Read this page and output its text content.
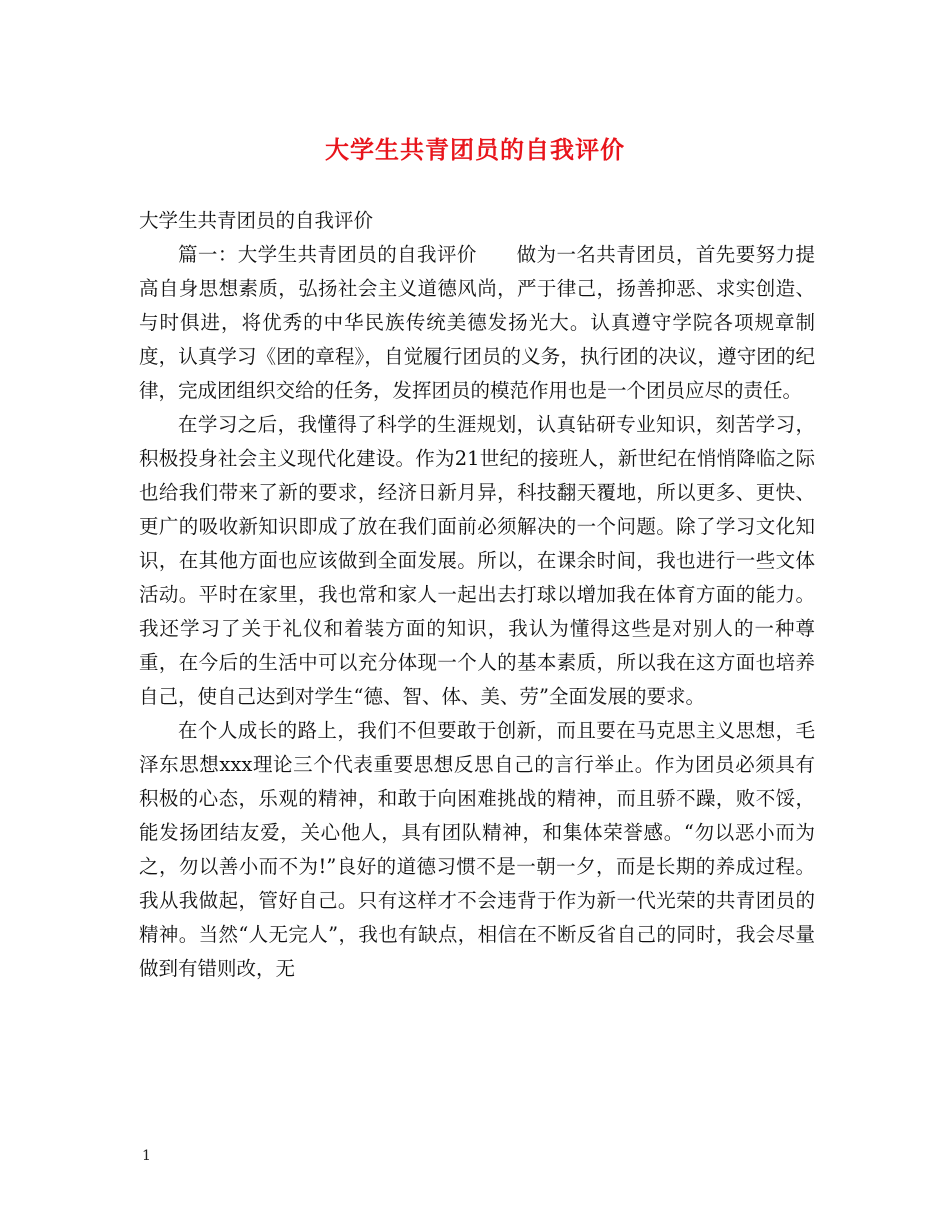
大学生共青团员的自我评价

大学生共青团员的自我评价

篇一：大学生共青团员的自我评价　　做为一名共青团员，首先要努力提高自身思想素质，弘扬社会主义道德风尚，严于律己，扬善抑恶、求实创造、与时俱进，将优秀的中华民族传统美德发扬光大。认真遵守学院各项规章制度，认真学习《团的章程》，自觉履行团员的义务，执行团的决议，遵守团的纪律，完成团组织交给的任务，发挥团员的模范作用也是一个团员应尽的责任。

在学习之后，我懂得了科学的生涯规划，认真钻研专业知识，刻苦学习，积极投身社会主义现代化建设。作为21世纪的接班人，新世纪在悄悄降临之际也给我们带来了新的要求，经济日新月异，科技翻天覆地，所以更多、更快、更广的吸收新知识即成了放在我们面前必须解决的一个问题。除了学习文化知识，在其他方面也应该做到全面发展。所以，在课余时间，我也进行一些文体活动。平时在家里，我也常和家人一起出去打球以增加我在体育方面的能力。我还学习了关于礼仪和着装方面的知识，我认为懂得这些是对别人的一种尊重，在今后的生活中可以充分体现一个人的基本素质，所以我在这方面也培养自己，使自己达到对学生“德、智、体、美、劳”全面发展的要求。

在个人成长的路上，我们不但要敢于创新，而且要在马克思主义思想，毛泽东思想xxx理论三个代表重要思想反思自己的言行举止。作为团员必须具有积极的心态，乐观的精神，和敢于向困难挑战的精神，而且骄不躁，败不馁，能发扬团结友爱，关心他人，具有团队精神，和集体荣誉感。“勿以恶小而为之，勿以善小而不为!”良好的道德习惯不是一朝一夕，而是长期的养成过程。我从我做起，管好自己。只有这样才不会违背于作为新一代光荣的共青团员的精神。当然“人无完人”，我也有缺点，相信在不断反省自己的同时，我会尽量做到有错则改，无

1
